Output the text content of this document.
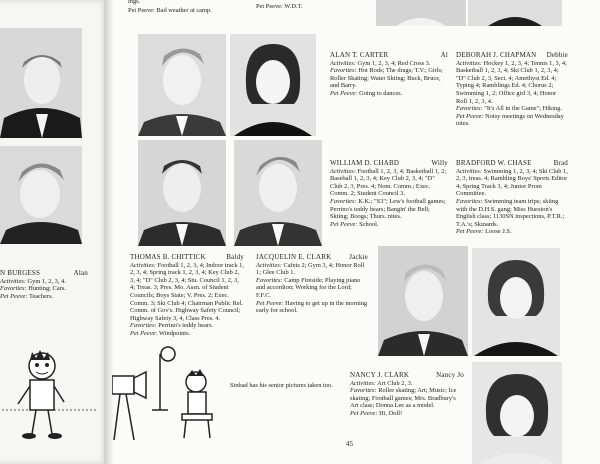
ings.
Pet Peeve: Bad weather at camp.
Pet Peeve: W.D.T.
N BURGESS	Alan
Activities: Gym 1, 2, 3, 4.
Favorites: Hunting; Cars.
Pet Peeve: Teachers.
ALAN T. CARTER	Al
Activities: Gym 1, 2, 3, 4; Red Cross 3.
Favorites: Hot Rods; The drags; T.V.; Girls; Roller Skating; Water Skiing; Buck, Bruce, and Barry.
Pet Peeve: Going to dances.
DEBORAH J. CHAPMAN Debbie
Activities: Hockey 1, 2, 3, 4; Tennis 1, 3, 4; Basketball 1, 2, 3, 4; Ski Club 1, 2, 3, 4; "D" Club 2, 3, Sect. 4; Amethyst Ed. 4; Typing 4; Ramblings Ed. 4; Chorus 2; Swimming 1, 2; Office girl 3, 4; Honor Roll 1, 2, 3, 4.
Favorites: "It's All in the Game"; Hiking.
Pet Peeve: Noisy meetings on Wednesday nites.
WILLIAM D. CHABD	Willy
Activities: Football 1, 2, 3, 4; Basketball 1, 2; Baseball 1, 2, 3, 4; Key Club 2, 3, 4; "D" Club 2, 3, Pres. 4; Nom. Comm.; Exec. Comm. 2; Student Council 3.
Favorites: K.K.; "S3"; Lew's football games; Perrino's teddy bears; Bangin' the Bell; Skiing; Boogs; Thurs. nites.
Pet Peeve: School.
BRADFORD W. CHASE	Brad
Activities: Swimming 1, 2, 3, 4; Ski Club 1, 2, 3, treas. 4; Rambling Boys' Sports Editor 4; Spring Track 3, 4; Junior Prom Committee.
Favorites: Swimming team trips; skiing with the D.H.S. gang; Miss Hueston's English class; 1130SN inspections, P.T.R.; T.A.'s; Skinards.
Pet Peeve: Loose J.S.
THOMAS B. CHITTICK	Baldy
Activities: Football 1, 2, 3, 4; Indoor track 1, 2, 3, 4; Spring track 1, 2, 3, 4; Key Club 2, 3, 4; "D" Club 2, 3, 4; Stu. Council 1, 2, 3, 4; Treas. 3; Pres. Mo. Assn. of Student Councils; Boys State; V. Pres. 2; Exec. Comm. 3; Ski Club 4; Chairman Public Rel. Comm. of Gov's. Highway Safety Council; Highway Safety 3, 4, Class Pres. 4.
Favorites: Perrino's teddy bears.
Pet Peeve: Windpoints.
JACQUELIN E. CLARK	Jackie
Activities: Cafets 2; Gym 3, 4; Honor Roll 1; Glee Club 1.
Favorites: Camp Fireside; Playing piano and accordion; Working for the Lord; F.F.C.
Pet Peeve: Having to get up in the morning early for school.
NANCY J. CLARK	Nancy Jo
Activities: Art Club 2, 3.
Favorites: Roller skating; Art; Music; Ice skating; Football games; Mrs. Bradbury's Art class; Donna Lee as a model.
Pet Peeve: Hi, Doll!
Sinbad has his senior pictures taken too.
45
